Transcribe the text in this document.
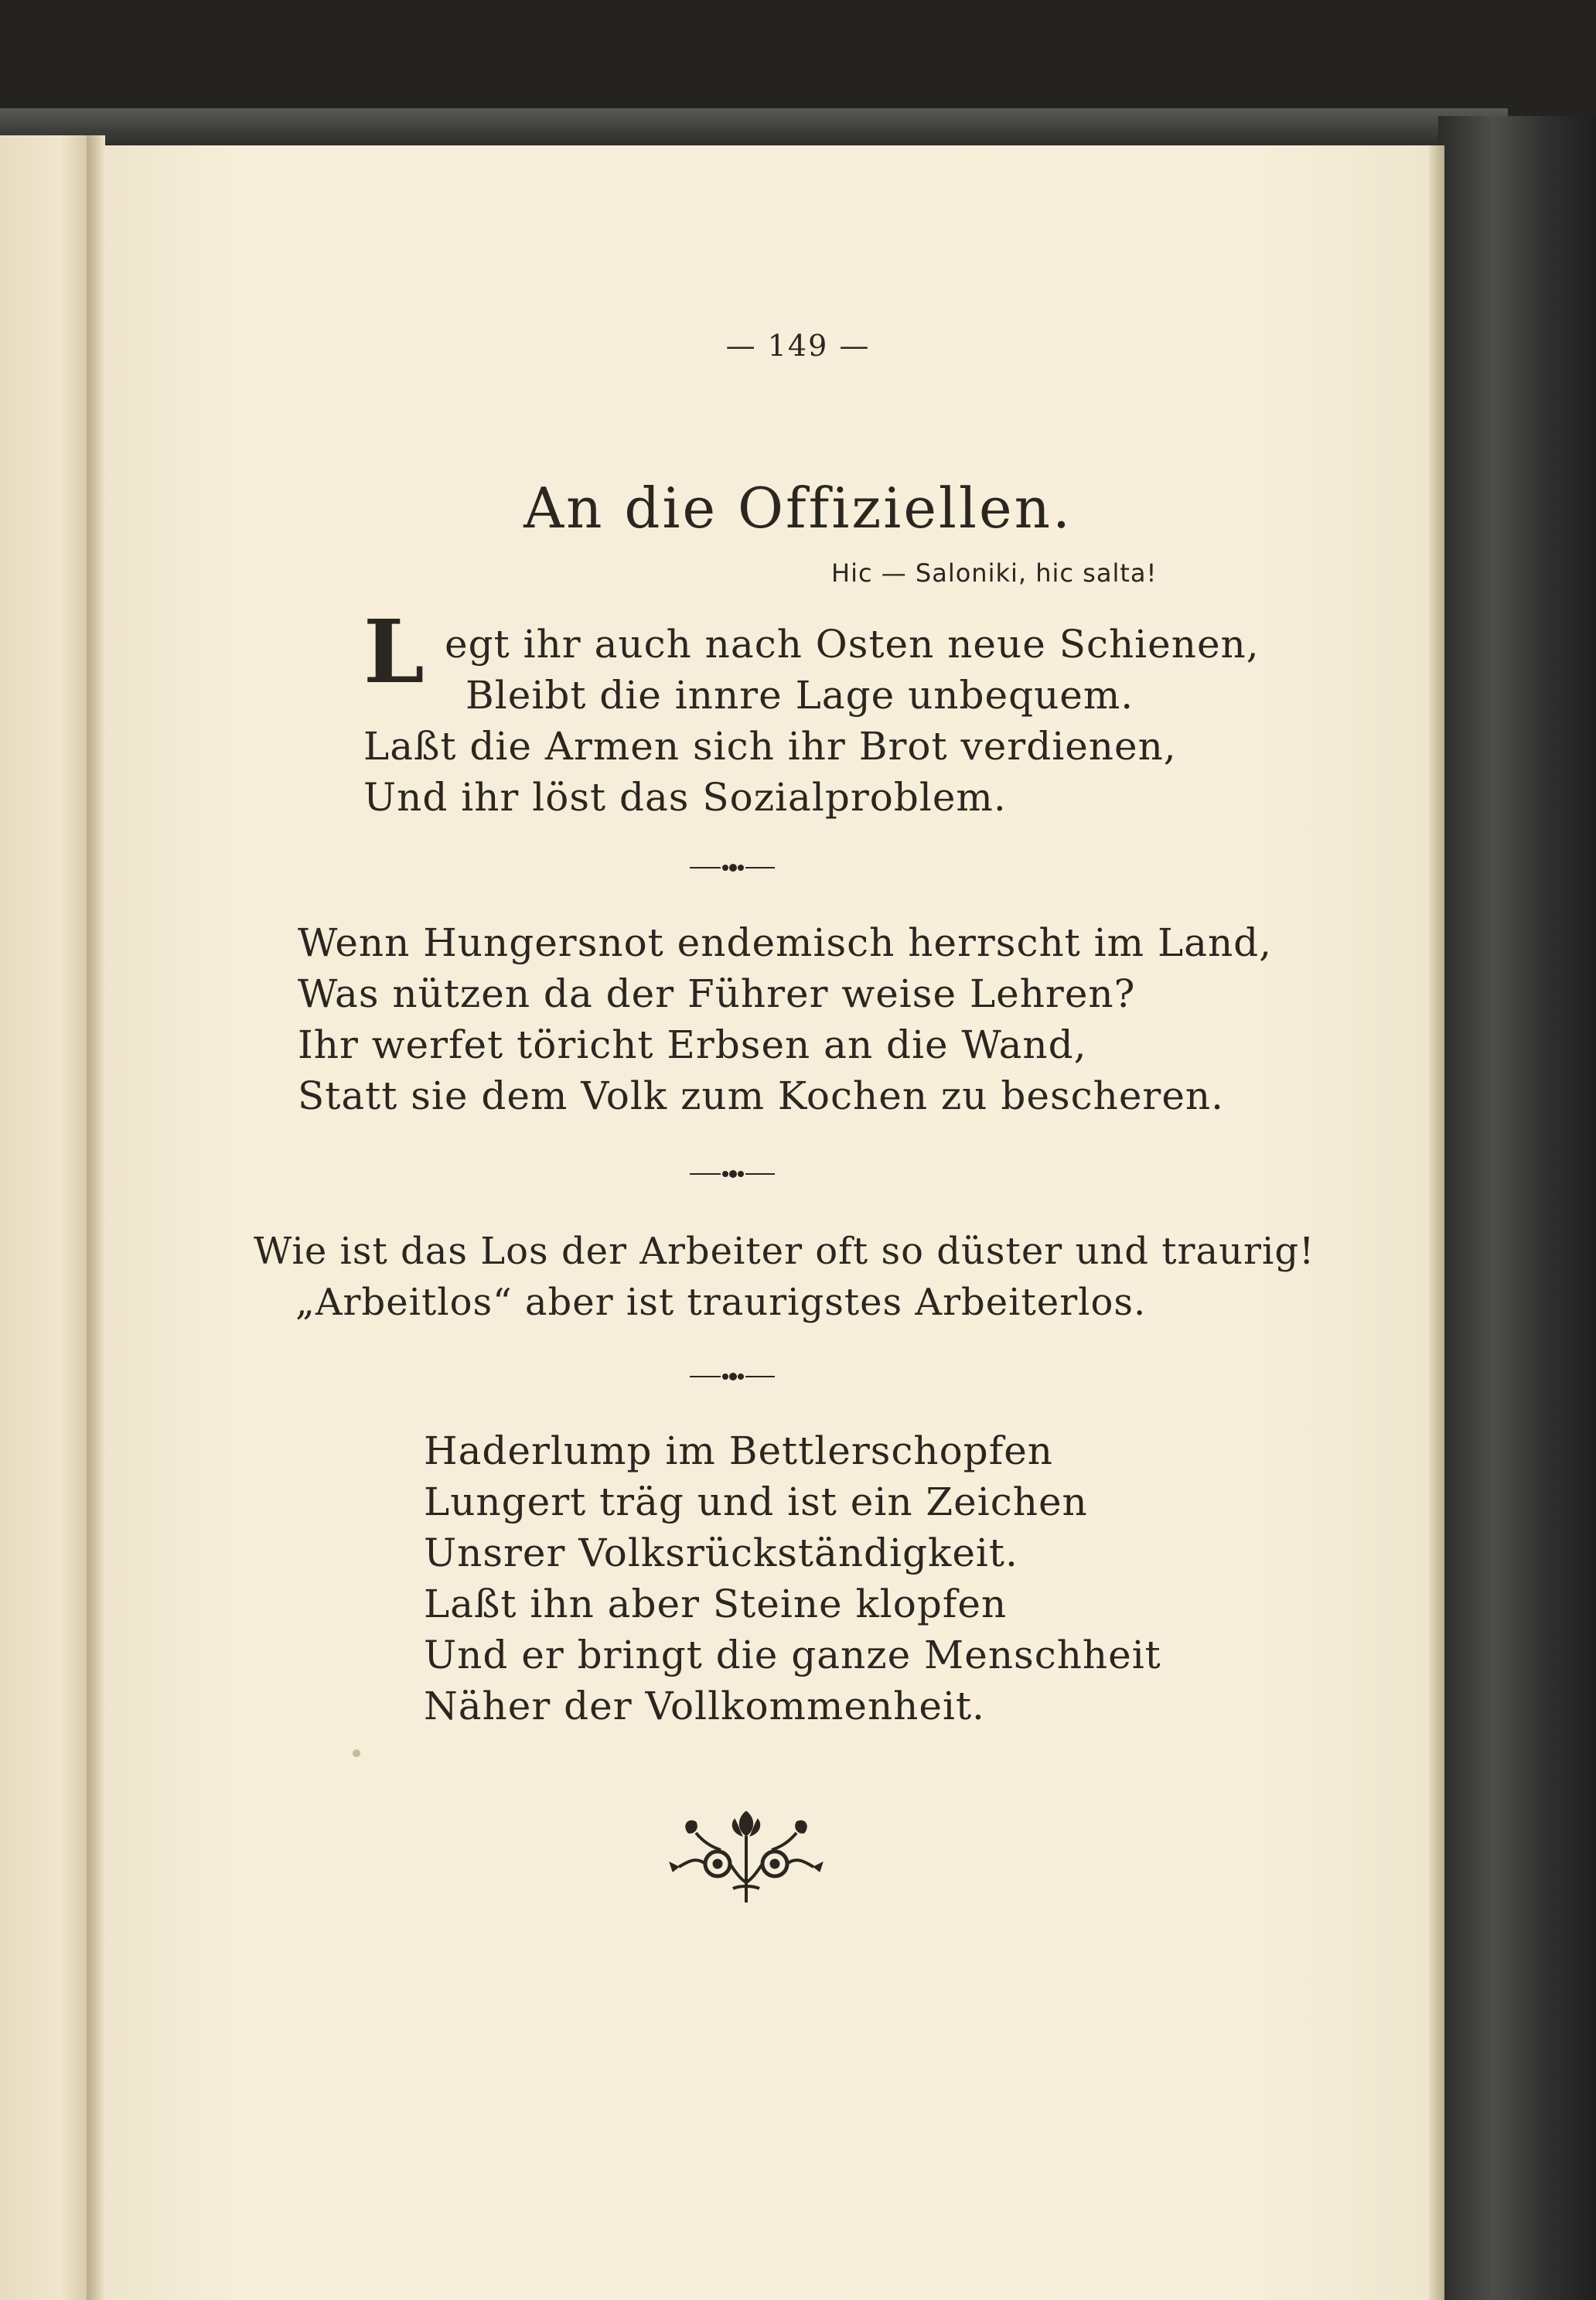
— 149 —
An die Offiziellen.
Hic — Saloniki, hic salta!
L egt ihr auch nach Osten neue Schienen,
Bleibt die innre Lage unbequem.
Laßt die Armen sich ihr Brot verdienen,
Und ihr löst das Sozialproblem.
Wenn Hungersnot endemisch herrscht im Land,
Was nützen da der Führer weise Lehren?
Ihr werfet töricht Erbsen an die Wand,
Statt sie dem Volk zum Kochen zu bescheren.
Wie ist das Los der Arbeiter oft so düster und traurig!
„Arbeitlos“ aber ist traurigstes Arbeiterlos.
Haderlump im Bettlerschopfen
Lungert träg und ist ein Zeichen
Unsrer Volksrückständigkeit.
Laßt ihn aber Steine klopfen
Und er bringt die ganze Menschheit
Näher der Vollkommenheit.
